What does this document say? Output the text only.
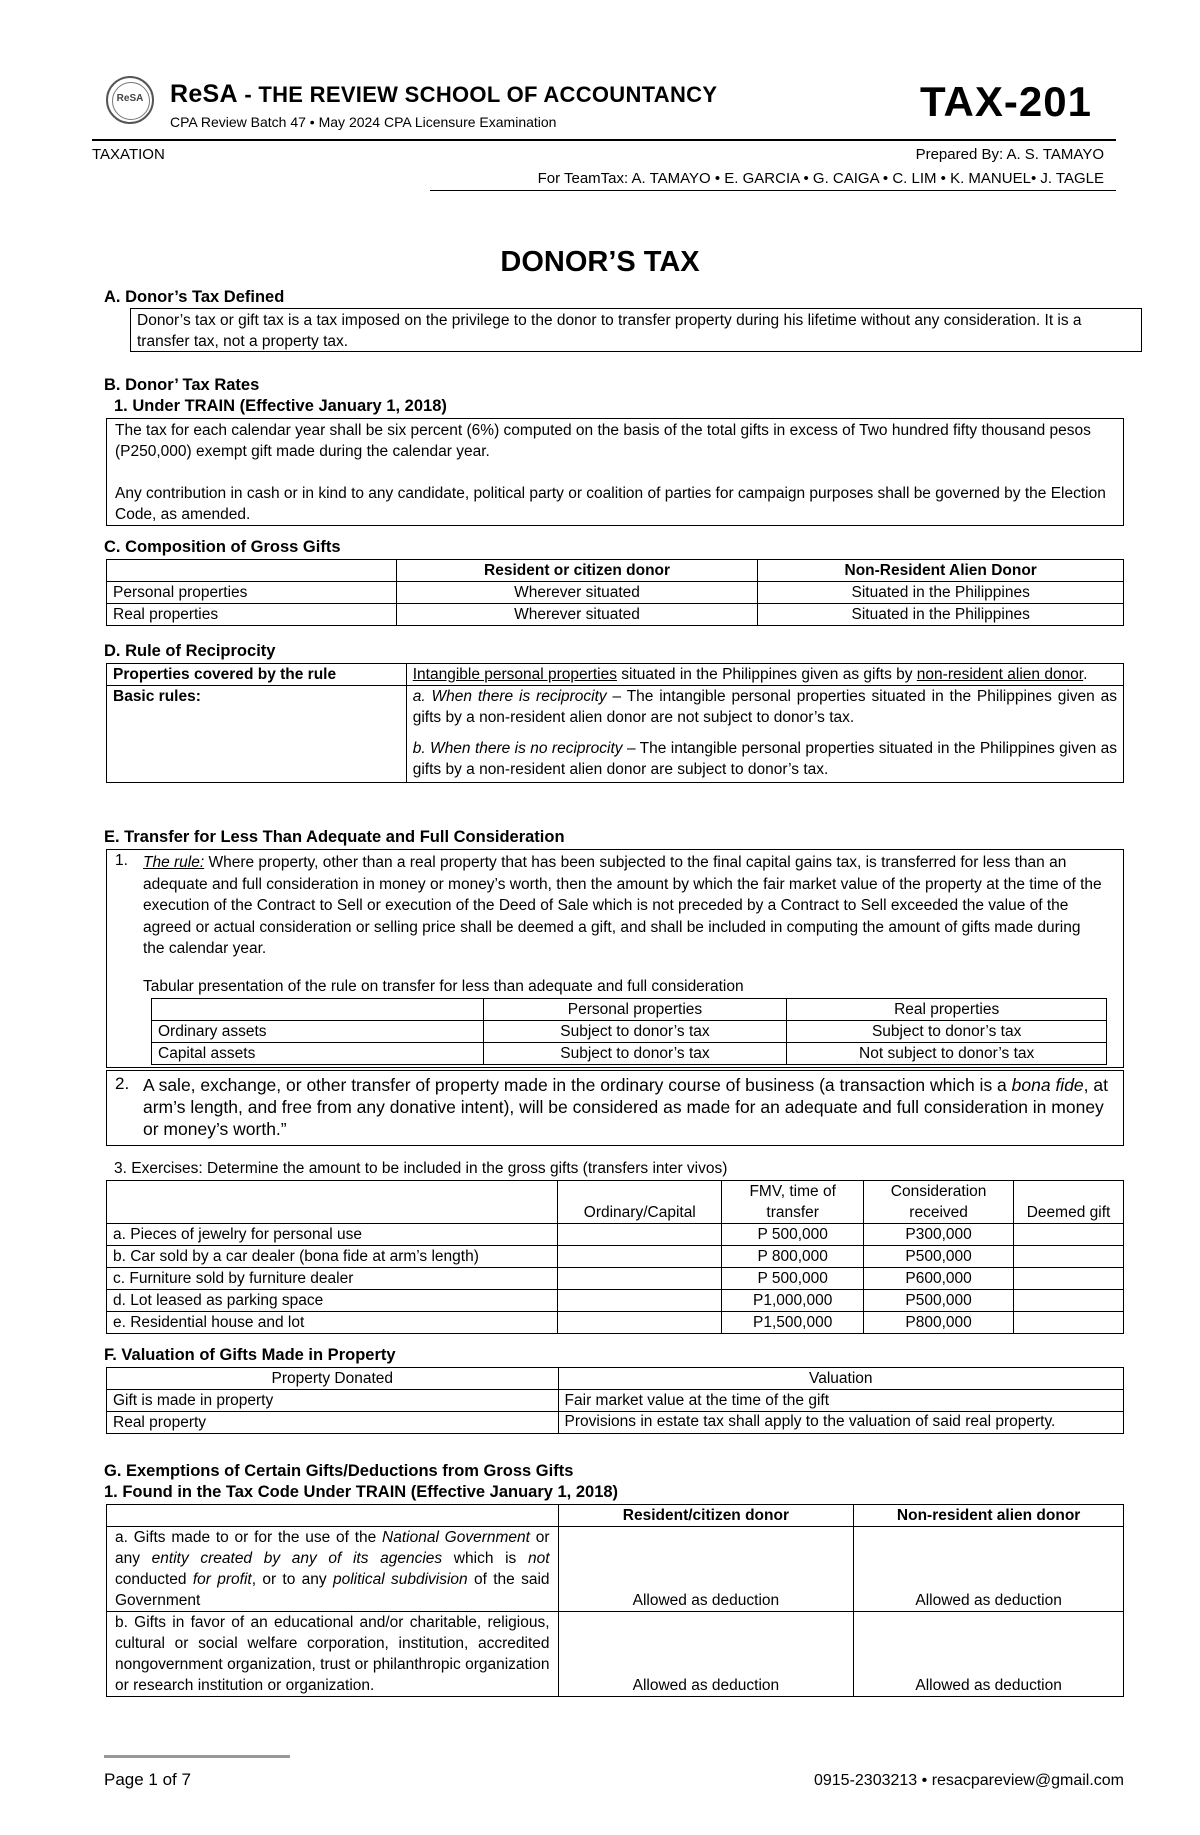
ReSA	ReSA - THE REVIEW SCHOOL OF ACCOUNTANCY
CPA Review Batch 47 • May 2024 CPA Licensure Examination	TAX-201
TAXATION	Prepared By: A. S. TAMAYO
For TeamTax: A. TAMAYO • E. GARCIA • G. CAIGA • C. LIM • K. MANUEL• J. TAGLE
DONOR’S TAX
A. Donor’s Tax Defined
Donor’s tax or gift tax is a tax imposed on the privilege to the donor to transfer property during his lifetime without any consideration. It is a transfer tax, not a property tax.
B. Donor’ Tax Rates
1. Under TRAIN (Effective January 1, 2018)

The tax for each calendar year shall be six percent (6%) computed on the basis of the total gifts in excess of Two hundred fifty thousand pesos (P250,000) exempt gift made during the calendar year.

Any contribution in cash or in kind to any candidate, political party or coalition of parties for campaign purposes shall be governed by the Election Code, as amended.

C. Composition of Gross Gifts
	Resident or citizen donor	Non-Resident Alien Donor
Personal properties	Wherever situated	Situated in the Philippines
Real properties	Wherever situated	Situated in the Philippines
D. Rule of Reciprocity
Properties covered by the rule	Intangible personal properties situated in the Philippines given as gifts by non-resident alien donor.
Basic rules:	a. When there is reciprocity – The intangible personal properties situated in the Philippines given as gifts by a non-resident alien donor are not subject to donor’s tax.

b. When there is no reciprocity – The intangible personal properties situated in the Philippines given as gifts by a non-resident alien donor are subject to donor’s tax.

E. Transfer for Less Than Adequate and Full Consideration
1. The rule: Where property, other than a real property that has been subjected to the final capital gains tax, is transferred for less than an adequate and full consideration in money or money’s worth, then the amount by which the fair market value of the property at the time of the execution of the Contract to Sell or execution of the Deed of Sale which is not preceded by a Contract to Sell exceeded the value of the agreed or actual consideration or selling price shall be deemed a gift, and shall be included in computing the amount of gifts made during the calendar year.
Tabular presentation of the rule on transfer for less than adequate and full consideration
	Personal properties	Real properties
Ordinary assets	Subject to donor’s tax	Subject to donor’s tax
Capital assets	Subject to donor’s tax	Not subject to donor’s tax
2. A sale, exchange, or other transfer of property made in the ordinary course of business (a transaction which is a bona fide, at arm’s length, and free from any donative intent), will be considered as made for an adequate and full consideration in money or money’s worth.”
3. Exercises: Determine the amount to be included in the gross gifts (transfers inter vivos)
	Ordinary/Capital	FMV, time of transfer	Consideration received	Deemed gift
a. Pieces of jewelry for personal use		P 500,000	P300,000	
b. Car sold by a car dealer (bona fide at arm’s length)		P 800,000	P500,000	
c. Furniture sold by furniture dealer		P 500,000	P600,000	
d. Lot leased as parking space		P1,000,000	P500,000	
e. Residential house and lot		P1,500,000	P800,000	
F. Valuation of Gifts Made in Property
Property Donated	Valuation
Gift is made in property	Fair market value at the time of the gift
Real property	Provisions in estate tax shall apply to the valuation of said real property.
G. Exemptions of Certain Gifts/Deductions from Gross Gifts
1. Found in the Tax Code Under TRAIN (Effective January 1, 2018)
	Resident/citizen donor	Non-resident alien donor
a. Gifts made to or for the use of the National Government or any entity created by any of its agencies which is not conducted for profit, or to any political subdivision of the said Government	Allowed as deduction	Allowed as deduction
b. Gifts in favor of an educational and/or charitable, religious, cultural or social welfare corporation, institution, accredited nongovernment organization, trust or philanthropic organization or research institution or organization.	Allowed as deduction	Allowed as deduction
Page 1 of 7	0915-2303213 • resacpareview@gmail.com
